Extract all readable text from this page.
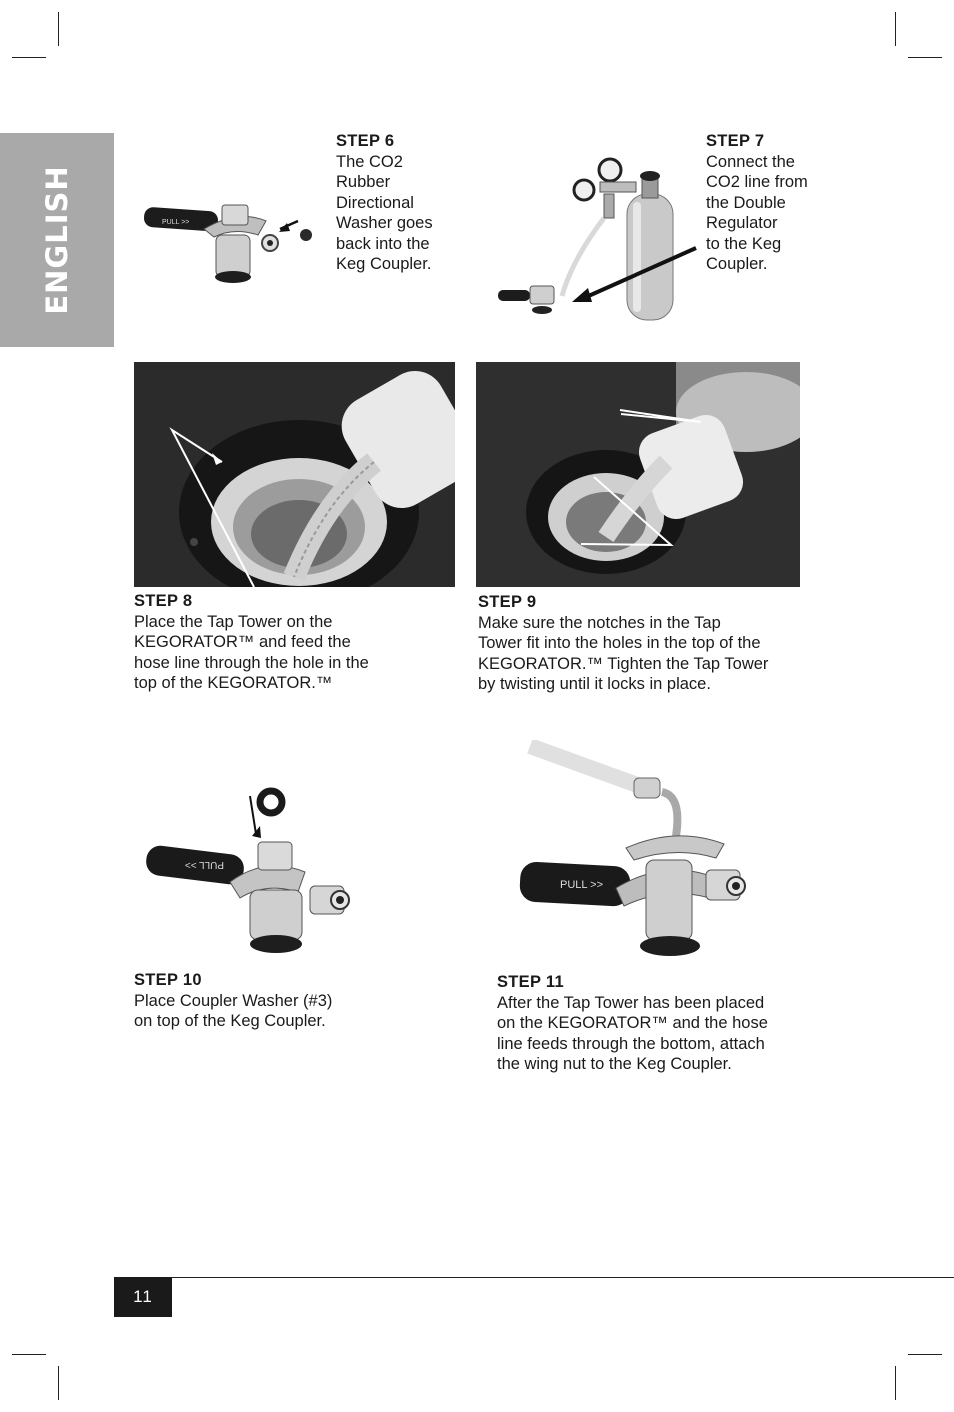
ENGLISH	PULL >>
STEP 6
The CO2
Rubber
Directional
Washer goes
back into the
Keg Coupler.
STEP 7
Connect the
CO2 line from
the Double
Regulator
to the Keg
Coupler.
STEP 8
Place the Tap Tower on the
KEGORATOR™ and feed the
hose line through the hole in the
top of the KEGORATOR.™
STEP 9
Make sure the notches in the Tap
Tower fit into the holes in the top of the
KEGORATOR.™ Tighten the Tap Tower
by twisting until it locks in place.
PULL >>
PULL >>
STEP 10
Place Coupler Washer (#3)
on top of the Keg Coupler.
STEP 11
After the Tap Tower has been placed
on the KEGORATOR™ and the hose
line feeds through the bottom, attach
the wing nut to the Keg Coupler.
11
